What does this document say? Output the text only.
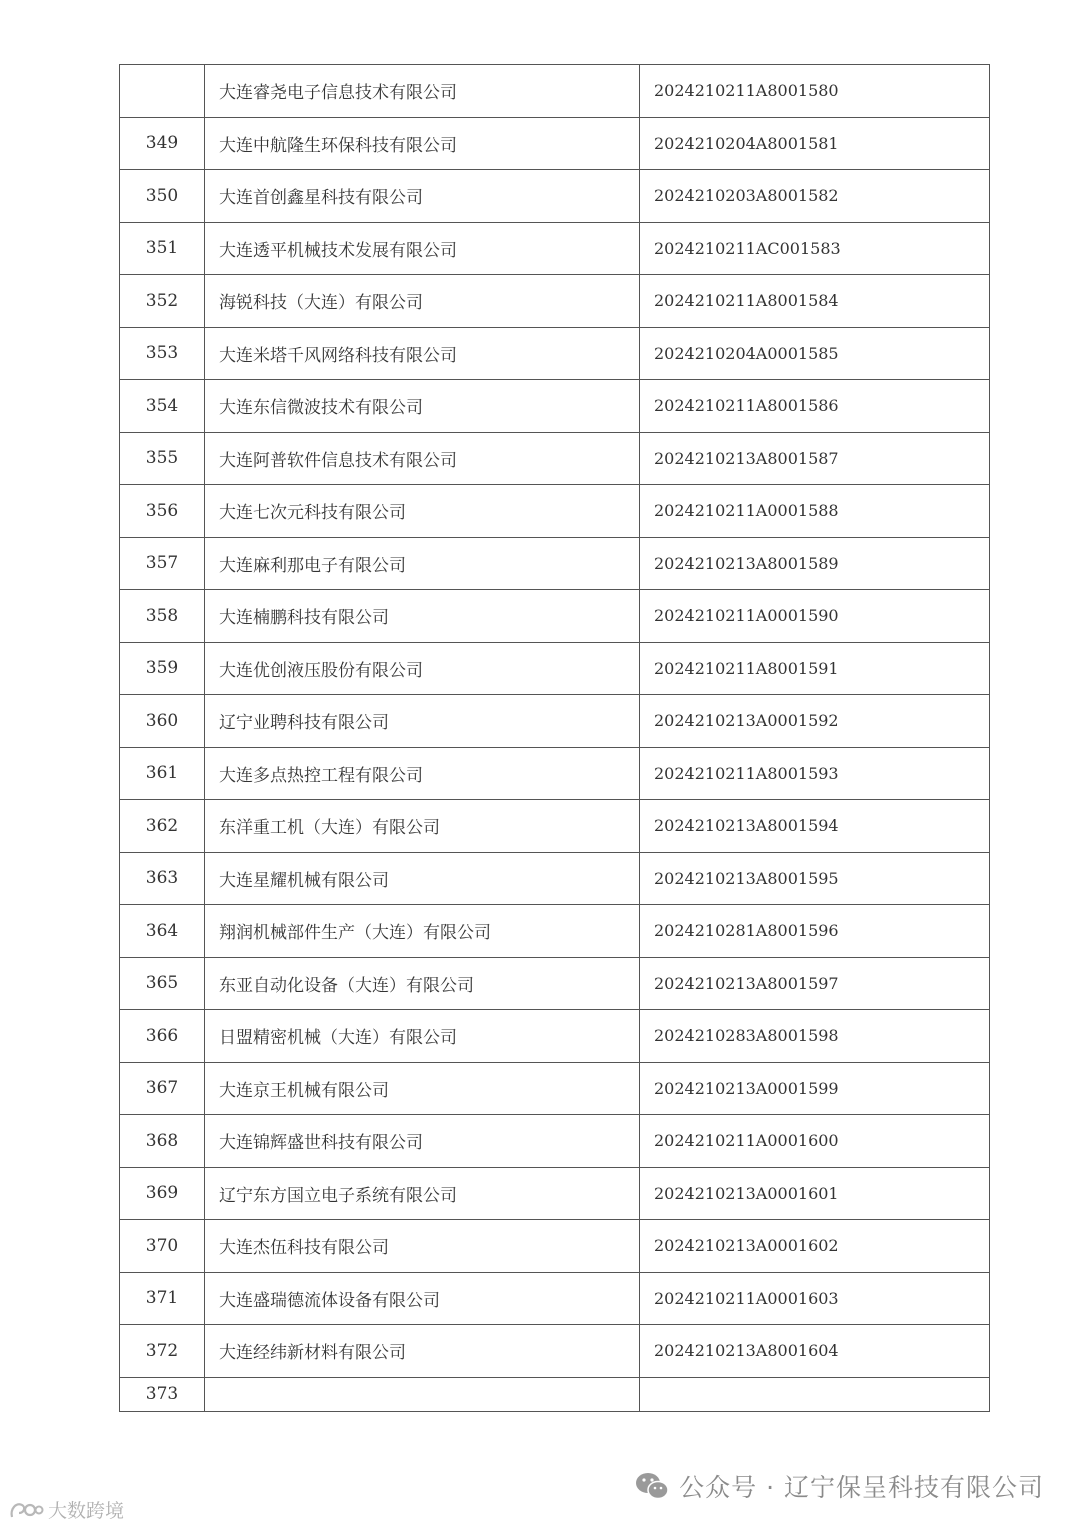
	大连睿尧电子信息技术有限公司	2024210211A8001580
349	大连中航隆生环保科技有限公司	2024210204A8001581
350	大连首创鑫星科技有限公司	2024210203A8001582
351	大连透平机械技术发展有限公司	2024210211AC001583
352	海锐科技（大连）有限公司	2024210211A8001584
353	大连米塔千风网络科技有限公司	2024210204A0001585
354	大连东信微波技术有限公司	2024210211A8001586
355	大连阿普软件信息技术有限公司	2024210213A8001587
356	大连七次元科技有限公司	2024210211A0001588
357	大连麻利那电子有限公司	2024210213A8001589
358	大连楠鹏科技有限公司	2024210211A0001590
359	大连优创液压股份有限公司	2024210211A8001591
360	辽宁业聘科技有限公司	2024210213A0001592
361	大连多点热控工程有限公司	2024210211A8001593
362	东洋重工机（大连）有限公司	2024210213A8001594
363	大连星耀机械有限公司	2024210213A8001595
364	翔润机械部件生产（大连）有限公司	2024210281A8001596
365	东亚自动化设备（大连）有限公司	2024210213A8001597
366	日盟精密机械（大连）有限公司	2024210283A8001598
367	大连京王机械有限公司	2024210213A0001599
368	大连锦辉盛世科技有限公司	2024210211A0001600
369	辽宁东方国立电子系统有限公司	2024210213A0001601
370	大连杰伍科技有限公司	2024210213A0001602
371	大连盛瑞德流体设备有限公司	2024210211A0001603
372	大连经纬新材料有限公司	2024210213A8001604
373		
公众号 · 辽宁保呈科技有限公司
大数跨境
